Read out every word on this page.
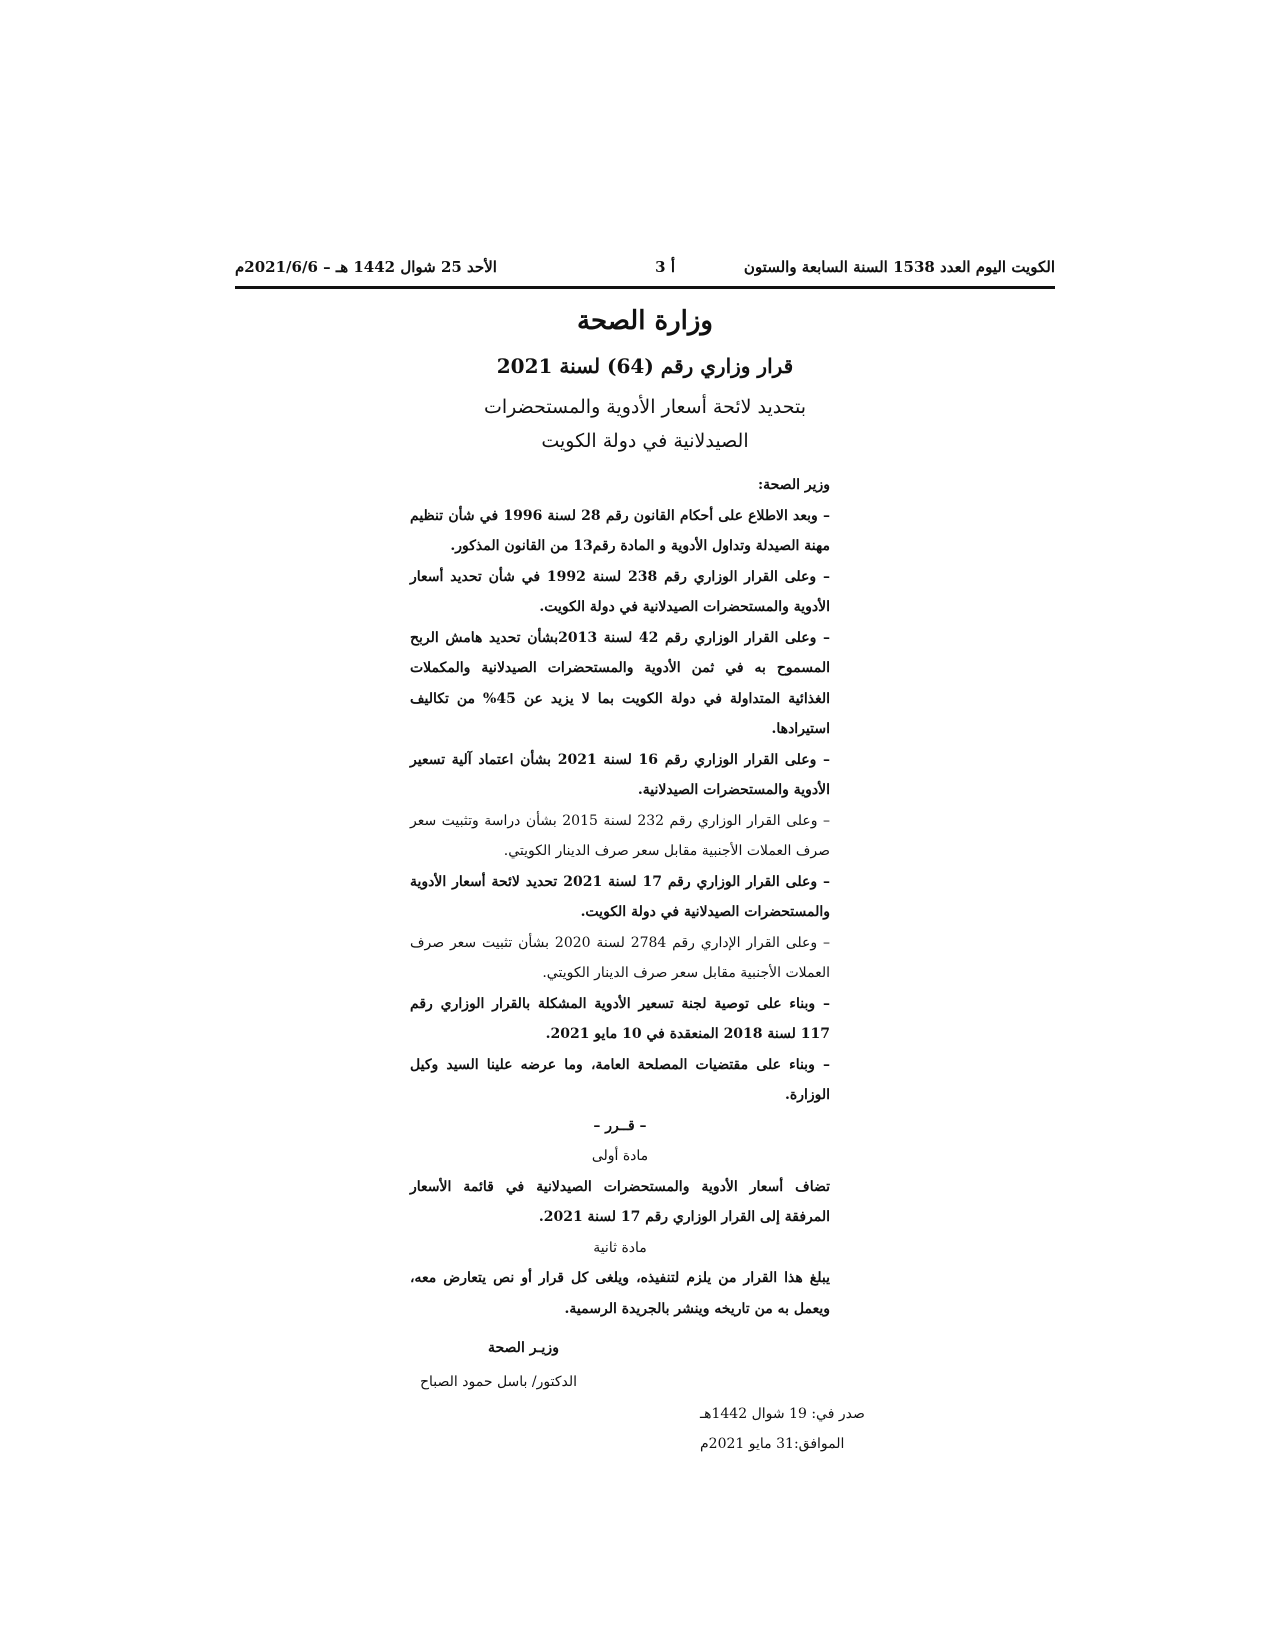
الكويت اليوم العدد 1538 السنة السابعة والستون
أ 3
الأحد 25 شوال 1442 هـ – 2021/6/6م
وزارة الصحة
قرار وزاري رقم (64) لسنة 2021
بتحديد لائحة أسعار الأدوية والمستحضرات
الصيدلانية في دولة الكويت

وزير الصحة:

– وبعد الاطلاع على أحكام القانون رقم 28 لسنة 1996 في شأن تنظيم مهنة الصيدلة وتداول الأدوية و المادة رقم13 من القانون المذكور.

– وعلى القرار الوزاري رقم 238 لسنة 1992 في شأن تحديد أسعار الأدوية والمستحضرات الصيدلانية في دولة الكويت.

– وعلى القرار الوزاري رقم 42 لسنة 2013بشأن تحديد هامش الربح المسموح به في ثمن الأدوية والمستحضرات الصيدلانية والمكملات الغذائية المتداولة في دولة الكويت بما لا يزيد عن 45% من تكاليف استيرادها.

– وعلى القرار الوزاري رقم 16 لسنة 2021 بشأن اعتماد آلية تسعير الأدوية والمستحضرات الصيدلانية.

– وعلى القرار الوزاري رقم 232 لسنة 2015 بشأن دراسة وتثبيت سعر صرف العملات الأجنبية مقابل سعر صرف الدينار الكويتي.

– وعلى القرار الوزاري رقم 17 لسنة 2021 تحديد لائحة أسعار الأدوية والمستحضرات الصيدلانية في دولة الكويت.

– وعلى القرار الإداري رقم 2784 لسنة 2020 بشأن تثبيت سعر صرف العملات الأجنبية مقابل سعر صرف الدينار الكويتي.

– وبناء على توصية لجنة تسعير الأدوية المشكلة بالقرار الوزاري رقم 117 لسنة 2018 المنعقدة في 10 مايو 2021.

– وبناء على مقتضيات المصلحة العامة، وما عرضه علينا السيد وكيل الوزارة.

– قــرر –

مادة أولى

تضاف أسعار الأدوية والمستحضرات الصيدلانية في قائمة الأسعار المرفقة إلى القرار الوزاري رقم 17 لسنة 2021.

مادة ثانية

يبلغ هذا القرار من يلزم لتنفيذه، ويلغى كل قرار أو نص يتعارض معه، ويعمل به من تاريخه وينشر بالجريدة الرسمية.

وزيـر الصحة
الدكتور/ باسل حمود الصباح
صدر في: 19 شوال 1442هـ
الموافق:31 مايو 2021م
